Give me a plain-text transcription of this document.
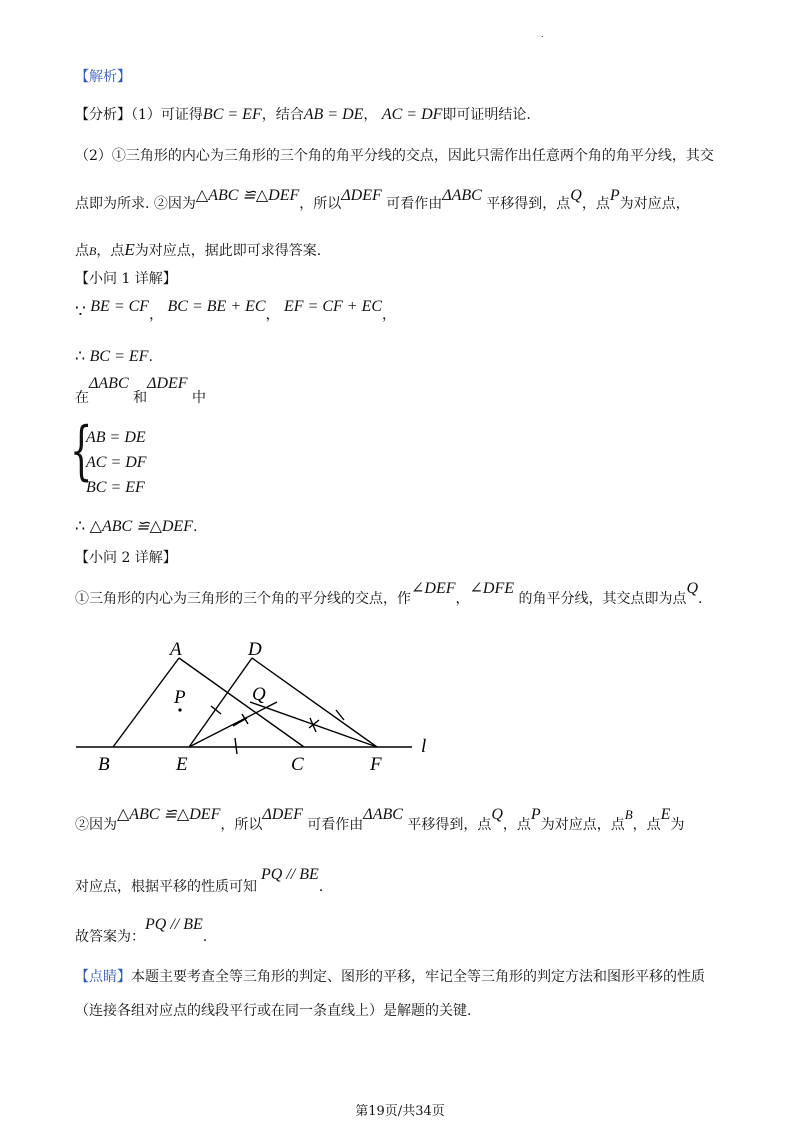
.
【解析】
【分析】（1）可证得BC = EF，结合AB = DE， AC = DF即可证明结论.
（2）①三角形的内心为三角形的三个角的角平分线的交点，因此只需作出任意两个角的角平分线，其交
点即为所求. ②因为△ABC ≌△DEF，所以ΔDEF 可看作由ΔABC 平移得到，点Q，点P为对应点，
点B，点E为对应点，据此即可求得答案.
【小问 1 详解】
∵ BE = CF， BC = BE + EC， EF = CF + EC，
∴ BC = EF.
在ΔABC 和ΔDEF 中
{
AB = DE
AC = DF
BC = EF
∴ △ABC ≌△DEF.
【小问 2 详解】
①三角形的内心为三角形的三个角的平分线的交点，作∠DEF，∠DFE 的角平分线，其交点即为点Q.
A	D
P	Q
B	E	C	F
l
②因为△ABC ≌△DEF，所以ΔDEF 可看作由ΔABC 平移得到，点Q，点P为对应点，点B，点E为
对应点，根据平移的性质可知PQ // BE.
故答案为：PQ // BE.
【点睛】本题主要考查全等三角形的判定、图形的平移，牢记全等三角形的判定方法和图形平移的性质
（连接各组对应点的线段平行或在同一条直线上）是解题的关键.
第19页/共34页
